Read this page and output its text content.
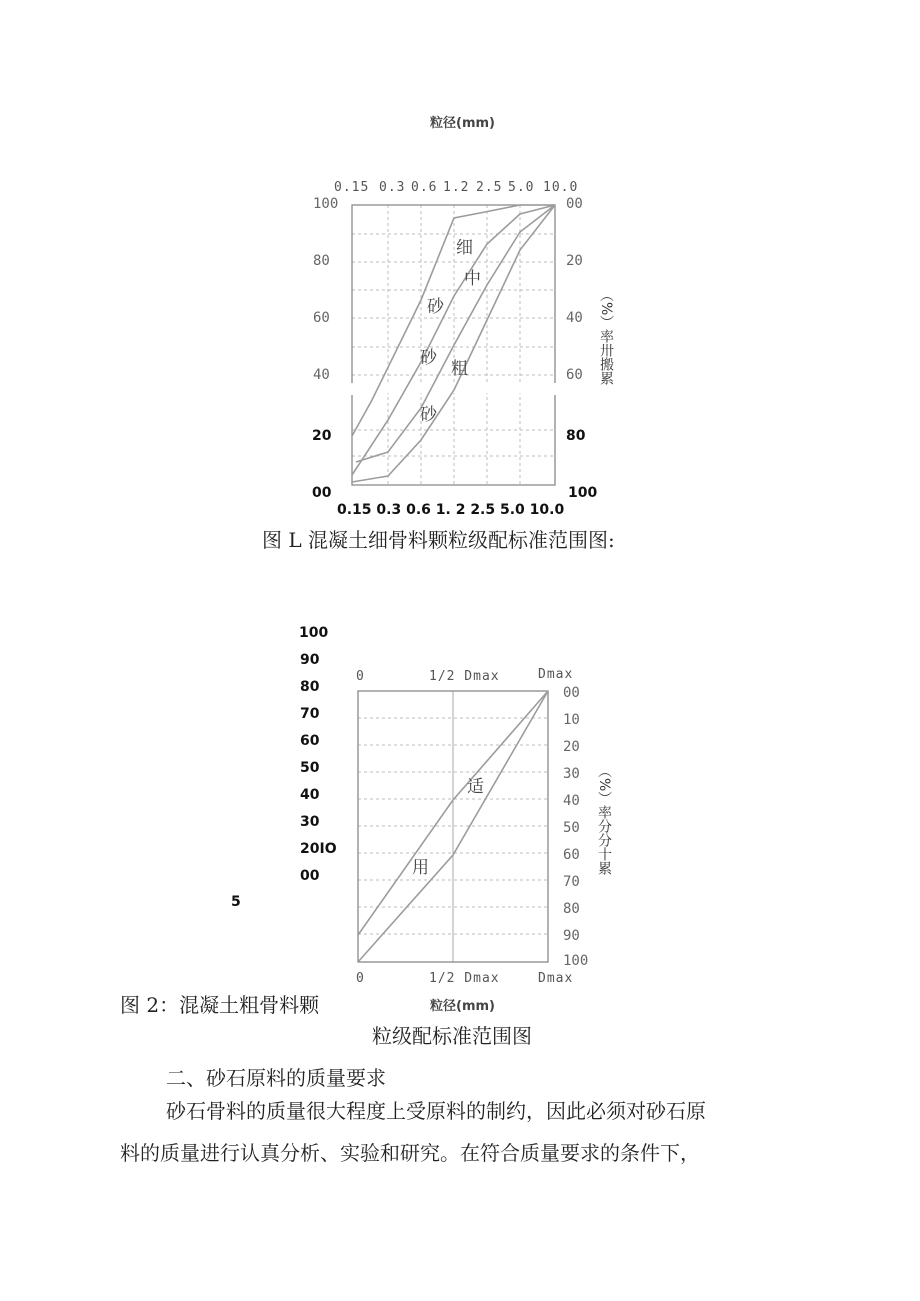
粒径(mm)
0.15 0.3 0.6 1.2 2.5 5.0 10.0
100
80
60
40
20
00
00
20
40
60
80
100
（%）率卅搬累
细
中
砂
砂
粗
砂
0.15 0.3 0.6 1. 2 2.5 5.0 10.0
图 L 混凝土细骨料颗粒级配标准范围图:
100
90
80
70
60
50
40
30
20IO
00
5
0	1/2 Dmax	Dmax
00
10
20
30
40
50
60
70
80
90
100
（%）率分分十累
适
用
0	1/2 Dmax	Dmax
图 2：混凝土粗骨料颗	粒径(mm)
粒级配标准范围图
二、砂石原料的质量要求
砂石骨料的质量很大程度上受原料的制约，因此必须对砂石原
料的质量进行认真分析、实验和研究。在符合质量要求的条件下，
